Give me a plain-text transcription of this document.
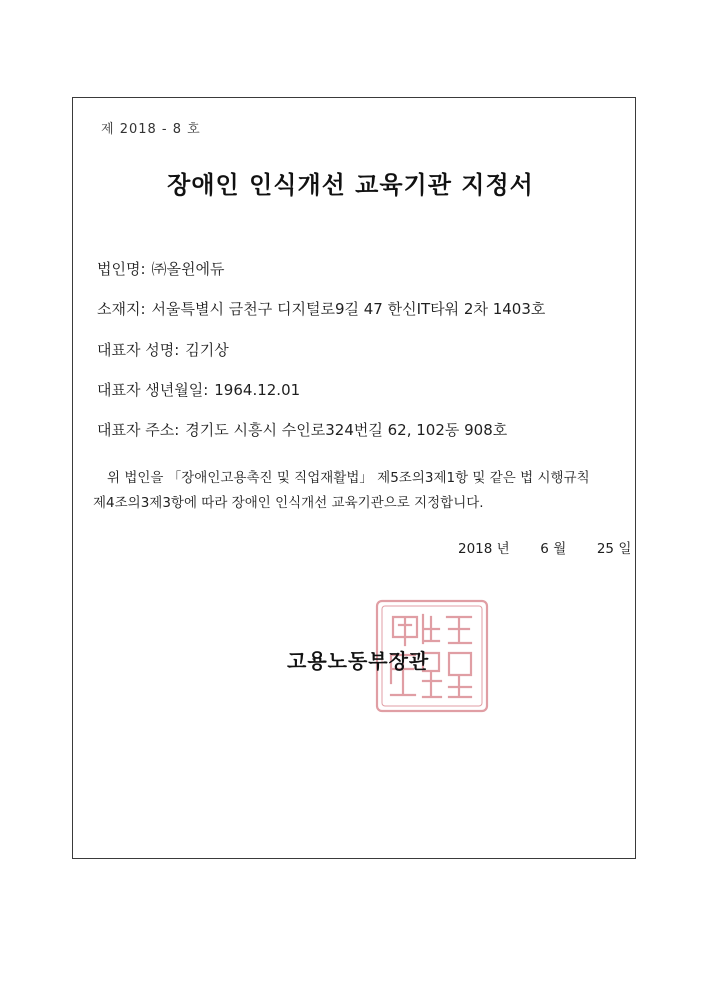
제 2018 - 8 호
장애인 인식개선 교육기관 지정서
법인명: ㈜올윈에듀
소재지: 서울특별시 금천구 디지털로9길 47 한신IT타워 2차 1403호
대표자 성명: 김기상
대표자 생년월일: 1964.12.01
대표자 주소: 경기도 시흥시 수인로324번길 62, 102동 908호
위 법인을 「장애인고용촉진 및 직업재활법」 제5조의3제1항 및 같은 법 시행규칙
제4조의3제3항에 따라 장애인 인식개선 교육기관으로 지정합니다.
2018 년 6 월 25 일
고용노동부장관
